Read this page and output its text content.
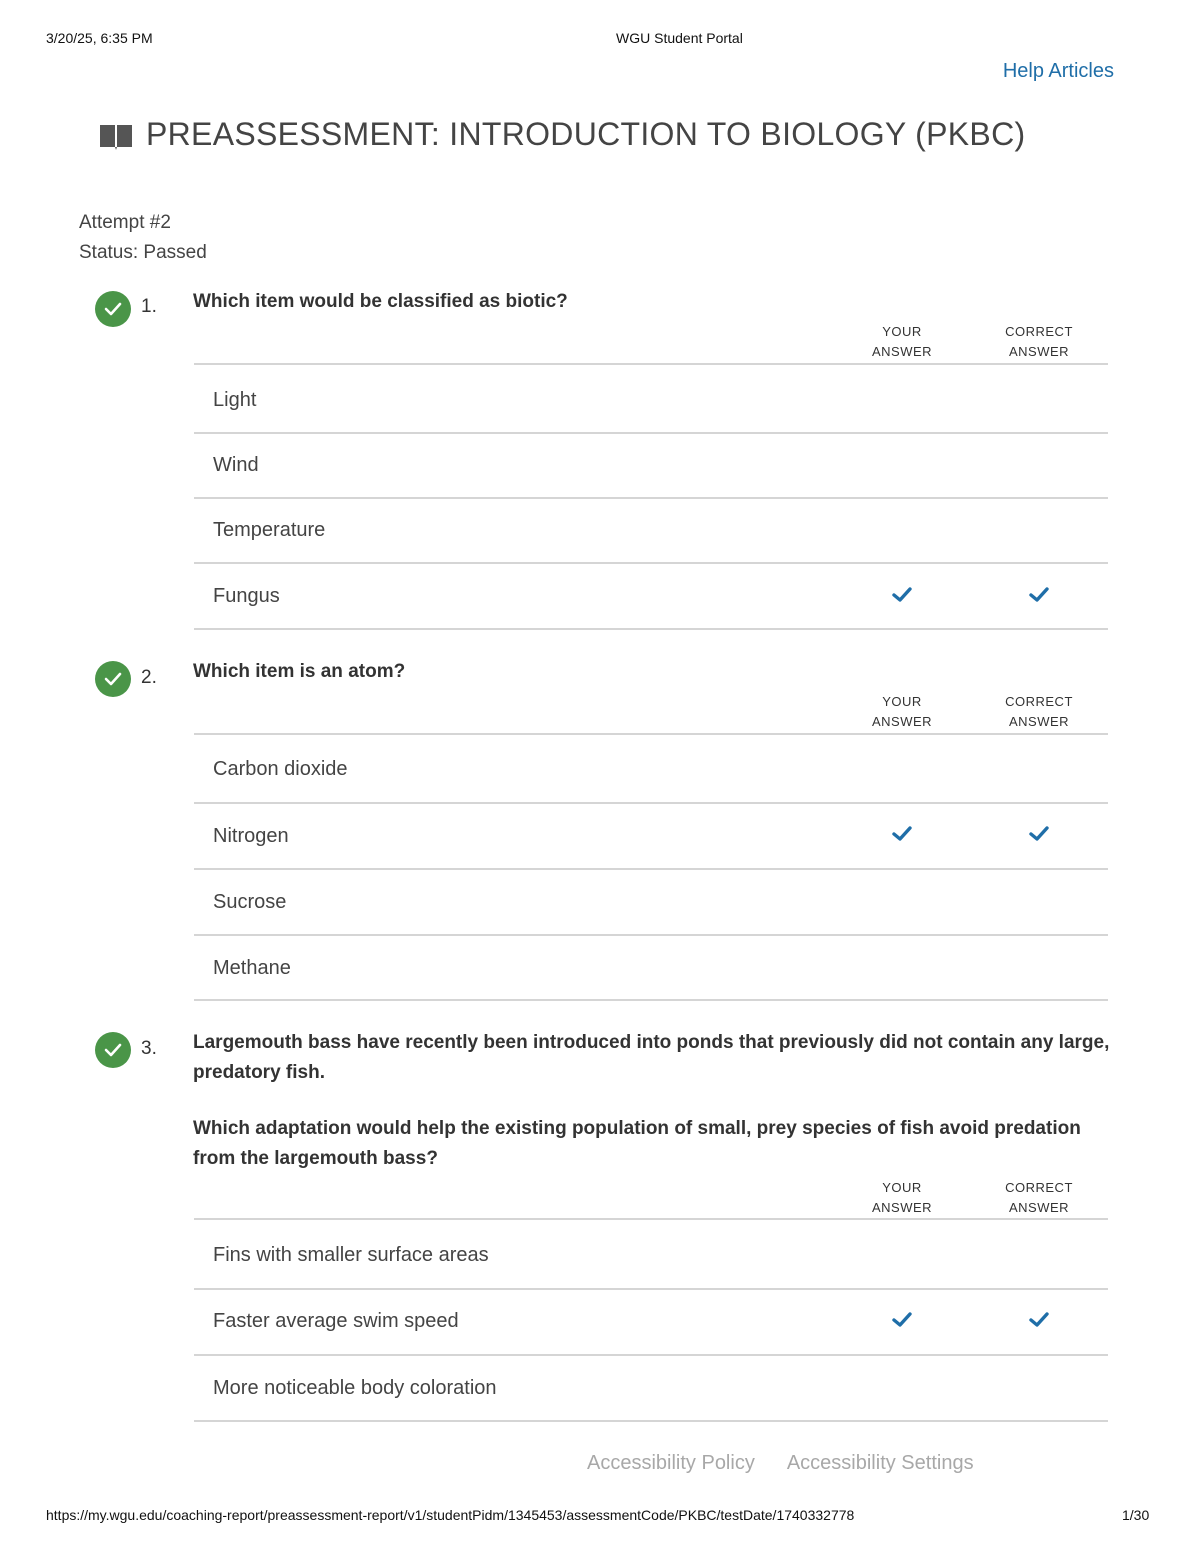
3/20/25, 6:35 PM	WGU Student Portal
Help Articles
PREASSESSMENT: INTRODUCTION TO BIOLOGY (PKBC)
Attempt #2
Status: Passed
1. Which item would be classified as biotic?

YOUR
ANSWER
CORRECT
ANSWER
Light
Wind
Temperature
Fungus
2. Which item is an atom?

YOUR
ANSWER
CORRECT
ANSWER
Carbon dioxide
Nitrogen
Sucrose
Methane
3. Largemouth bass have recently been introduced into ponds that previously did not contain any large, predatory fish.

Which adaptation would help the existing population of small, prey species of fish avoid predation from the largemouth bass?

YOUR
ANSWER
CORRECT
ANSWER
Fins with smaller surface areas
Faster average swim speed
More noticeable body coloration
Accessibility Policy Accessibility Settings
https://my.wgu.edu/coaching-report/preassessment-report/v1/studentPidm/1345453/assessmentCode/PKBC/testDate/1740332778	1/30
